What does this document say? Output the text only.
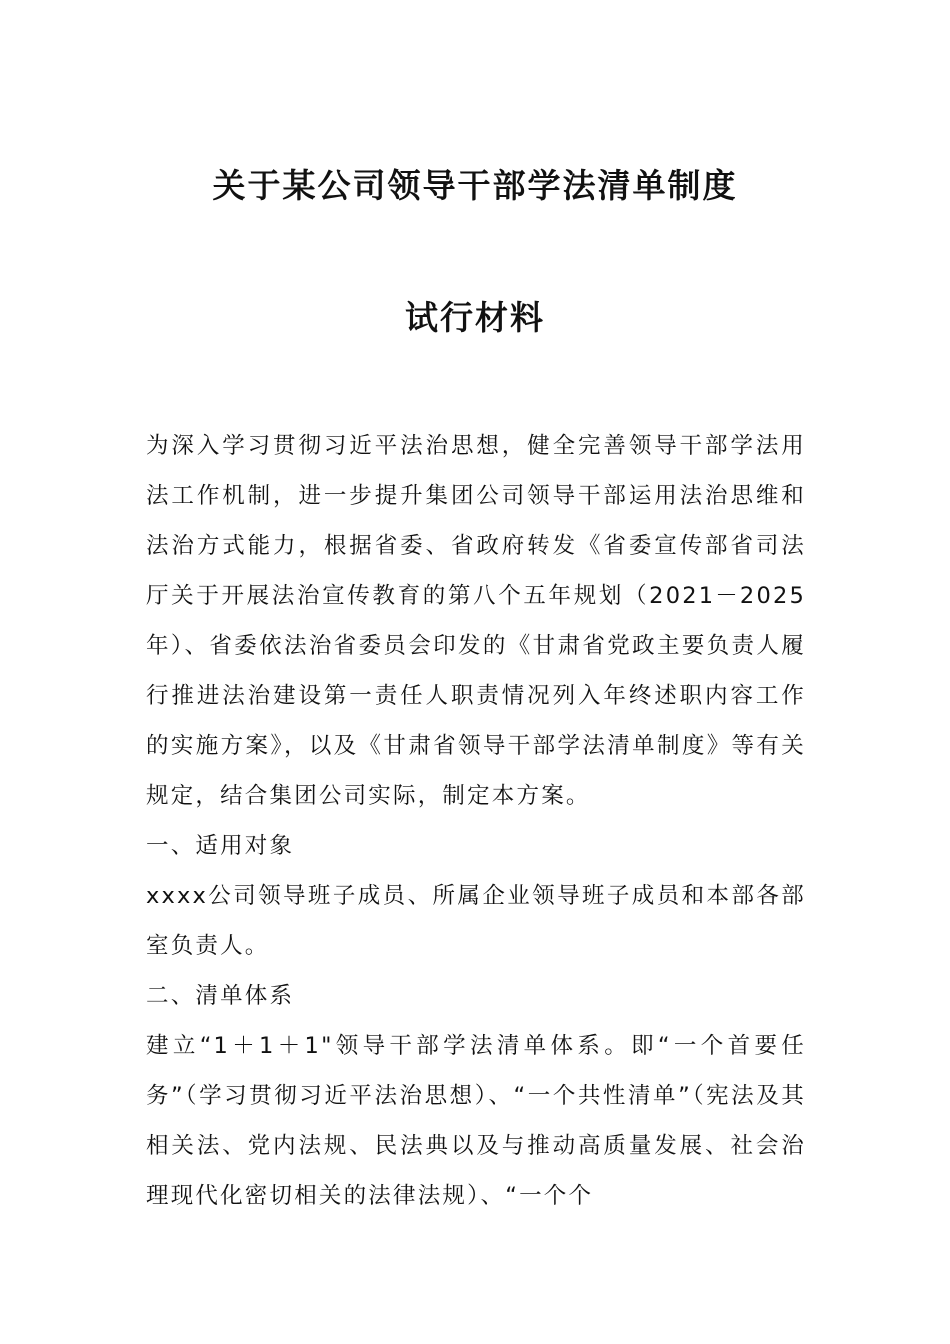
关于某公司领导干部学法清单制度
试行材料

为深入学习贯彻习近平法治思想，健全完善领导干部学法用法工作机制，进一步提升集团公司领导干部运用法治思维和法治方式能力，根据省委、省政府转发《省委宣传部省司法厅关于开展法治宣传教育的第八个五年规划（2021－2025年）、省委依法治省委员会印发的《甘肃省党政主要负责人履行推进法治建设第一责任人职责情况列入年终述职内容工作的实施方案》，以及《甘肃省领导干部学法清单制度》等有关规定，结合集团公司实际，制定本方案。

一、适用对象

xxxx公司领导班子成员、所属企业领导班子成员和本部各部室负责人。

二、清单体系

建立“1＋1＋1"领导干部学法清单体系。即“一个首要任务”（学习贯彻习近平法治思想）、“一个共性清单”（宪法及其相关法、党内法规、民法典以及与推动高质量发展、社会治理现代化密切相关的法律法规）、“一个个
